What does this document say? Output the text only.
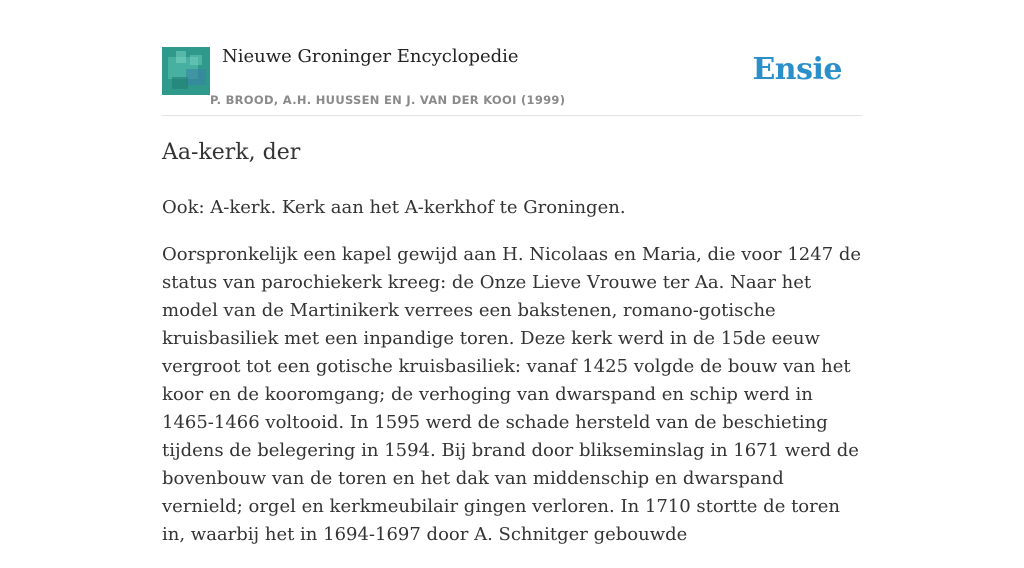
Nieuwe Groninger Encyclopedie
P. BROOD, A.H. HUUSSEN EN J. VAN DER KOOI (1999)
Ensie
Aa-kerk, der

Ook: A-kerk. Kerk aan het A-kerkhof te Groningen.

Oorspronkelijk een kapel gewijd aan H. Nicolaas en Maria, die voor 1247 de status van parochiekerk kreeg: de Onze Lieve Vrouwe ter Aa. Naar het model van de Martinikerk verrees een bakstenen, romano-gotische kruisbasiliek met een inpandige toren. Deze kerk werd in de 15de eeuw vergroot tot een gotische kruisbasiliek: vanaf 1425 volgde de bouw van het koor en de kooromgang; de verhoging van dwarspand en schip werd in 1465-1466 voltooid. In 1595 werd de schade hersteld van de beschieting tijdens de belegering in 1594. Bij brand door blikseminslag in 1671 werd de bovenbouw van de toren en het dak van middenschip en dwarspand vernield; orgel en kerkmeubilair gingen verloren. In 1710 stortte de toren in, waarbij het in 1694-1697 door A. Schnitger gebouwde
